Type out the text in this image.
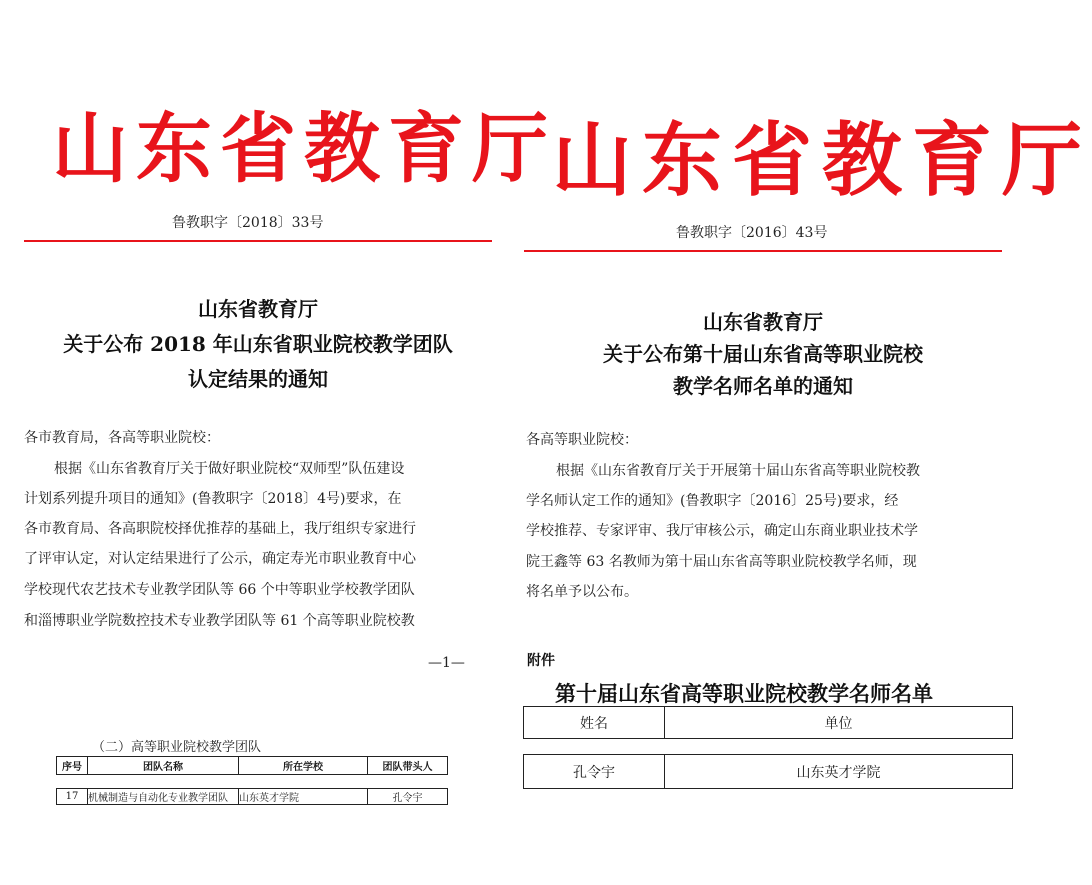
山东省教育厅
鲁教职字〔2018〕33号
山东省教育厅
关于公布 2018 年山东省职业院校教学团队
认定结果的通知
各市教育局，各高等职业院校：
根据《山东省教育厅关于做好职业院校“双师型”队伍建设
计划系列提升项目的通知》(鲁教职字〔2018〕4号)要求，在
各市教育局、各高职院校择优推荐的基础上，我厅组织专家进行
了评审认定，对认定结果进行了公示，确定寿光市职业教育中心
学校现代农艺技术专业教学团队等 66 个中等职业学校教学团队
和淄博职业学院数控技术专业教学团队等 61 个高等职业院校教
—1—
（二）高等职业院校教学团队
序号	团队名称	所在学校	团队带头人

17	机械制造与自动化专业教学团队	山东英才学院	孔令宇
山东省教育厅
鲁教职字〔2016〕43号
山东省教育厅
关于公布第十届山东省高等职业院校
教学名师名单的通知
各高等职业院校：
根据《山东省教育厅关于开展第十届山东省高等职业院校教
学名师认定工作的通知》(鲁教职字〔2016〕25号)要求，经
学校推荐、专家评审、我厅审核公示，确定山东商业职业技术学
院王鑫等 63 名教师为第十届山东省高等职业院校教学名师，现
将名单予以公布。
附件
第十届山东省高等职业院校教学名师名单
姓名	单位

孔令宇	山东英才学院
